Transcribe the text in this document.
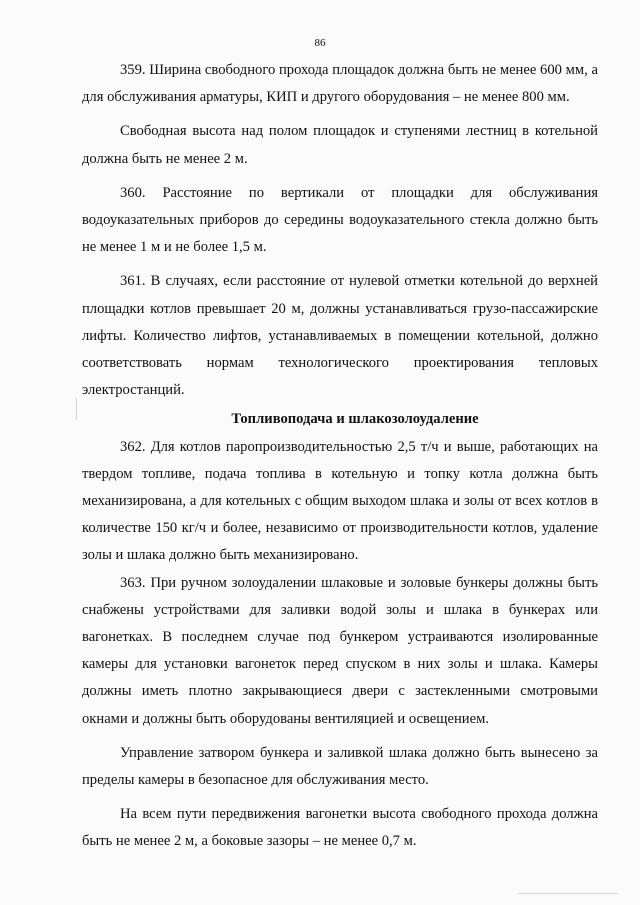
86

359. Ширина свободного прохода площадок должна быть не менее 600 мм, а для обслуживания арматуры, КИП и другого оборудования – не менее 800 мм.

Свободная высота над полом площадок и ступенями лестниц в котельной должна быть не менее 2 м.

360. Расстояние по вертикали от площадки для обслуживания водоуказательных приборов до середины водоуказательного стекла должно быть не менее 1 м и не более 1,5 м.

361. В случаях, если расстояние от нулевой отметки котельной до верхней площадки котлов превышает 20 м, должны устанавливаться грузо-пассажирские лифты. Количество лифтов, устанавливаемых в помещении котельной, должно соответствовать нормам технологического проектирования тепловых электростанций.

Топливоподача и шлакозолоудаление

362. Для котлов паропроизводительностью 2,5 т/ч и выше, работающих на твердом топливе, подача топлива в котельную и топку котла должна быть механизирована, а для котельных с общим выходом шлака и золы от всех котлов в количестве 150 кг/ч и более, независимо от производительности котлов, удаление золы и шлака должно быть механизировано.

363. При ручном золоудалении шлаковые и золовые бункеры должны быть снабжены устройствами для заливки водой золы и шлака в бункерах или вагонетках. В последнем случае под бункером устраиваются изолированные камеры для установки вагонеток перед спуском в них золы и шлака. Камеры должны иметь плотно закрывающиеся двери с застекленными смотровыми окнами и должны быть оборудованы вентиляцией и освещением.

Управление затвором бункера и заливкой шлака должно быть вынесено за пределы камеры в безопасное для обслуживания место.

На всем пути передвижения вагонетки высота свободного прохода должна быть не менее 2 м, а боковые зазоры – не менее 0,7 м.
